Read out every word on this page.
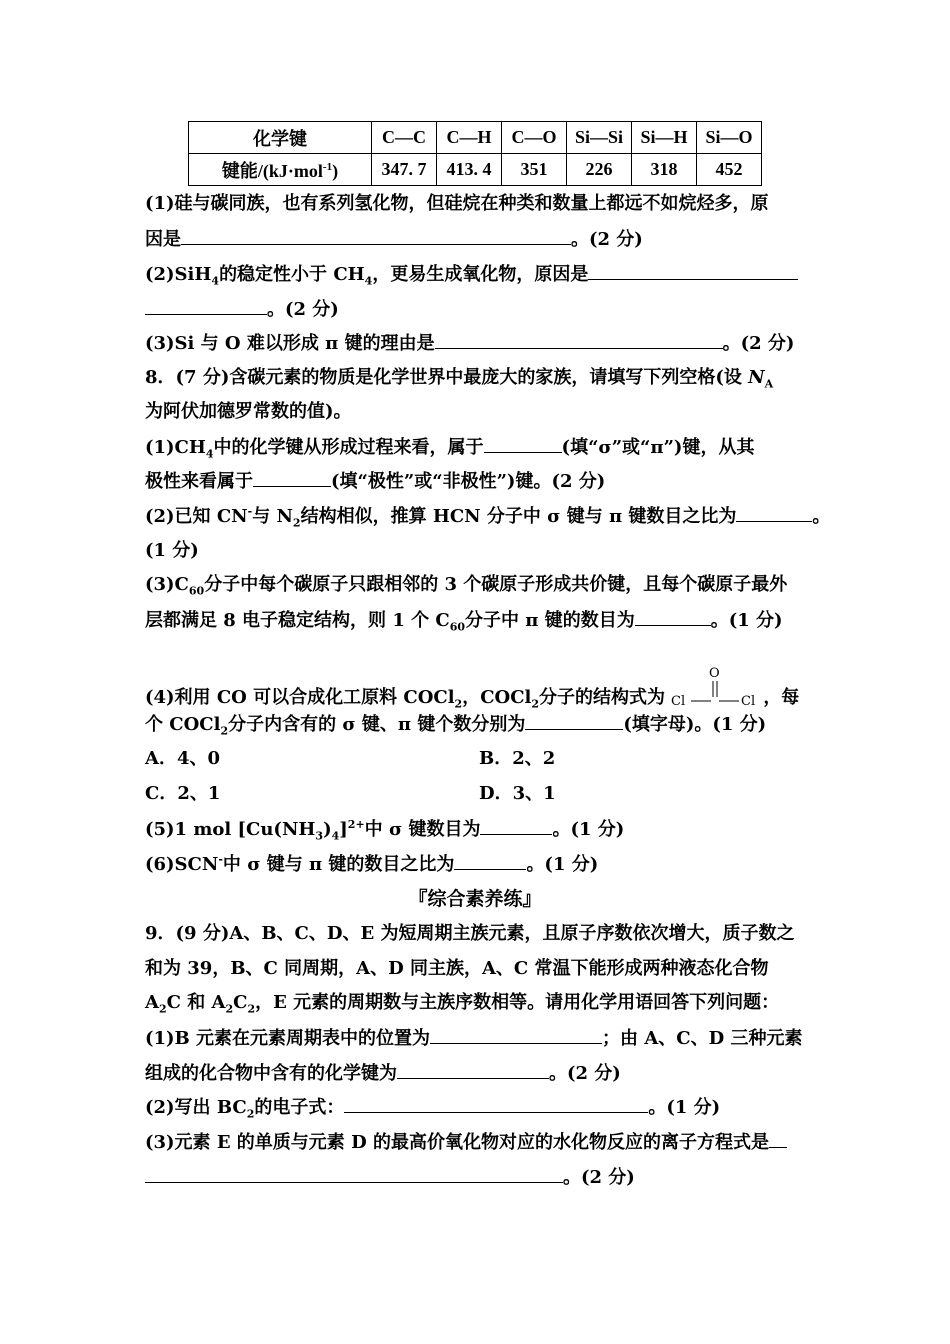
化学键	C—C	C—H	C—O	Si—Si	Si—H	Si—O
键能/(kJ·mol$^{-1}$)	347. 7	413. 4	351	226	318	452
(1)硅与碳同族，也有系列氢化物，但硅烷在种类和数量上都远不如烷烃多，原
因是	。(2 分)
(2)SiH$_4$的稳定性小于 $CH_4$，更易生成氧化物，原因是
。(2 分)
(3)Si 与 O 难以形成 π 键的理由是	。(2 分)
8．(7 分)含碳元素的物质是化学世界中最庞大的家族，请填写下列空格(设 $N_A$
为阿伏加德罗常数的值)。
$(1)CH_4$中的化学键从形成过程来看，属于	(填“σ”或“π”)键，从其
极性来看属于	(填“极性”或“非极性”)键。(2 分)
(2)已知 CN-与 $N_2$结构相似，推算 HCN 分子中 σ 键与 π 键数目之比为	。
(1 分)
$(3)C_{60}$分子中每个碳原子只跟相邻的 3 个碳原子形成共价键，且每个碳原子最外
层都满足 8 电子稳定结构，则 1 个 $C_{60}$分子中 π 键的数目为	。(1 分)
(4)利用 CO 可以合成化工原料 COCl$_2$，COCl$_2$分子的结构式为
O
Cl	Cl ，每
个 COCl$_2$分子内含有的 σ 键、π 键个数分别为	(填字母)。(1 分)
A．4、0	B．2、2
C．2、1	D．3、1
(5)1 mol $[Cu(NH_3)_4]^{2+}$中 σ 键数目为	。(1 分)
(6)SCN-中 σ 键与 π 键的数目之比为	。(1 分)
『综合素养练』
9．(9 分)A、B、C、D、E 为短周期主族元素，且原子序数依次增大，质子数之
和为 39，B、C 同周期，A、D 同主族，A、C 常温下能形成两种液态化合物
$A_2C$ 和 $A_2C_2$，E 元素的周期数与主族序数相等。请用化学用语回答下列问题：
(1)B 元素在元素周期表中的位置为	；由 A、C、D 三种元素
组成的化合物中含有的化学键为	。(2 分)
(2)写出 $BC_2$的电子式：	。(1 分)
(3)元素 E 的单质与元素 D 的最高价氧化物对应的水化物反应的离子方程式是
。(2 分)
